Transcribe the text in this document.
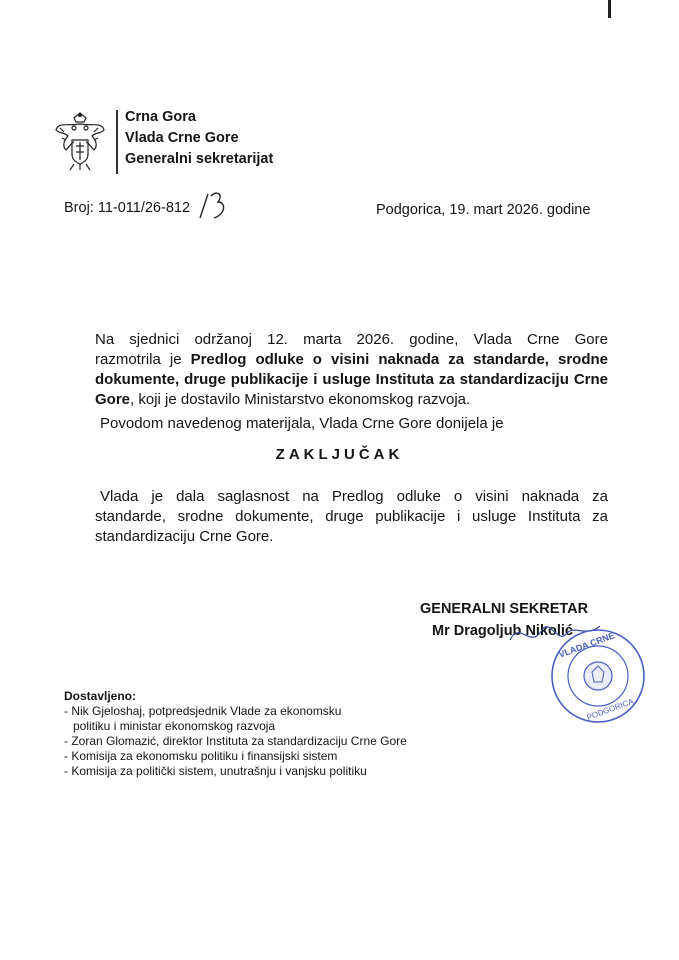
Crna Gora
Vlada Crne Gore
Generalni sekretarijat
Broj: 11-011/26-812	Podgorica, 19. mart 2026. godine
Na sjednici održanoj 12. marta 2026. godine, Vlada Crne Gore
razmotrila je Predlog odluke o visini naknada za standarde, srodne
dokumente, druge publikacije i usluge Instituta za standardizaciju Crne
Gore, koji je dostavilo Ministarstvo ekonomskog razvoja.
Povodom navedenog materijala, Vlada Crne Gore donijela je
ZAKLJUČAK
Vlada je dala saglasnost na Predlog odluke o visini naknada za
standarde, srodne dokumente, druge publikacije i usluge Instituta za
standardizaciju Crne Gore.
GENERALNI SEKRETAR
Mr Dragoljub Nikolić
VLADA CRNE
PODGORICA
Dostavljeno:
- Nik Gjeloshaj, potpredsjednik Vlade za ekonomsku
politiku i ministar ekonomskog razvoja
- Zoran Glomazić, direktor Instituta za standardizaciju Crne Gore
- Komisija za ekonomsku politiku i finansijski sistem
- Komisija za politički sistem, unutrašnju i vanjsku politiku
